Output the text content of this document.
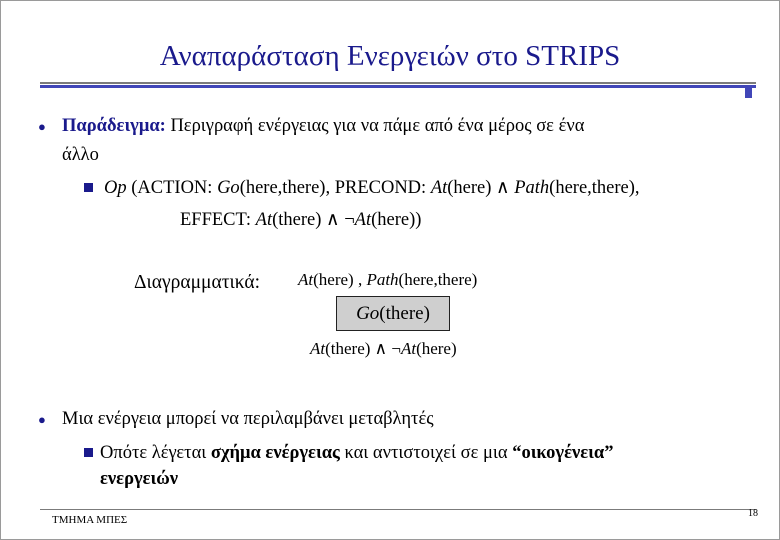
Αναπαράσταση Ενεργειών στο STRIPS
● Παράδειγμα: Περιγραφή ενέργειας για να πάμε από ένα μέρος σε ένα
άλλο
Op (ACTION: Go(here,there), PRECOND: At(here) ∧ Path(here,there),
EFFECT: At(there) ∧ ¬At(here))
Διαγραμματικά: At(here) , Path(here,there)
Go(there)
At(there) ∧ ¬At(here)
● Μια ενέργεια μπορεί να περιλαμβάνει μεταβλητές
Οπότε λέγεται σχήμα ενέργειας και αντιστοιχεί σε μια “οικογένεια”
ενεργειών
ΤΜΗΜΑ ΜΠΕΣ
18
